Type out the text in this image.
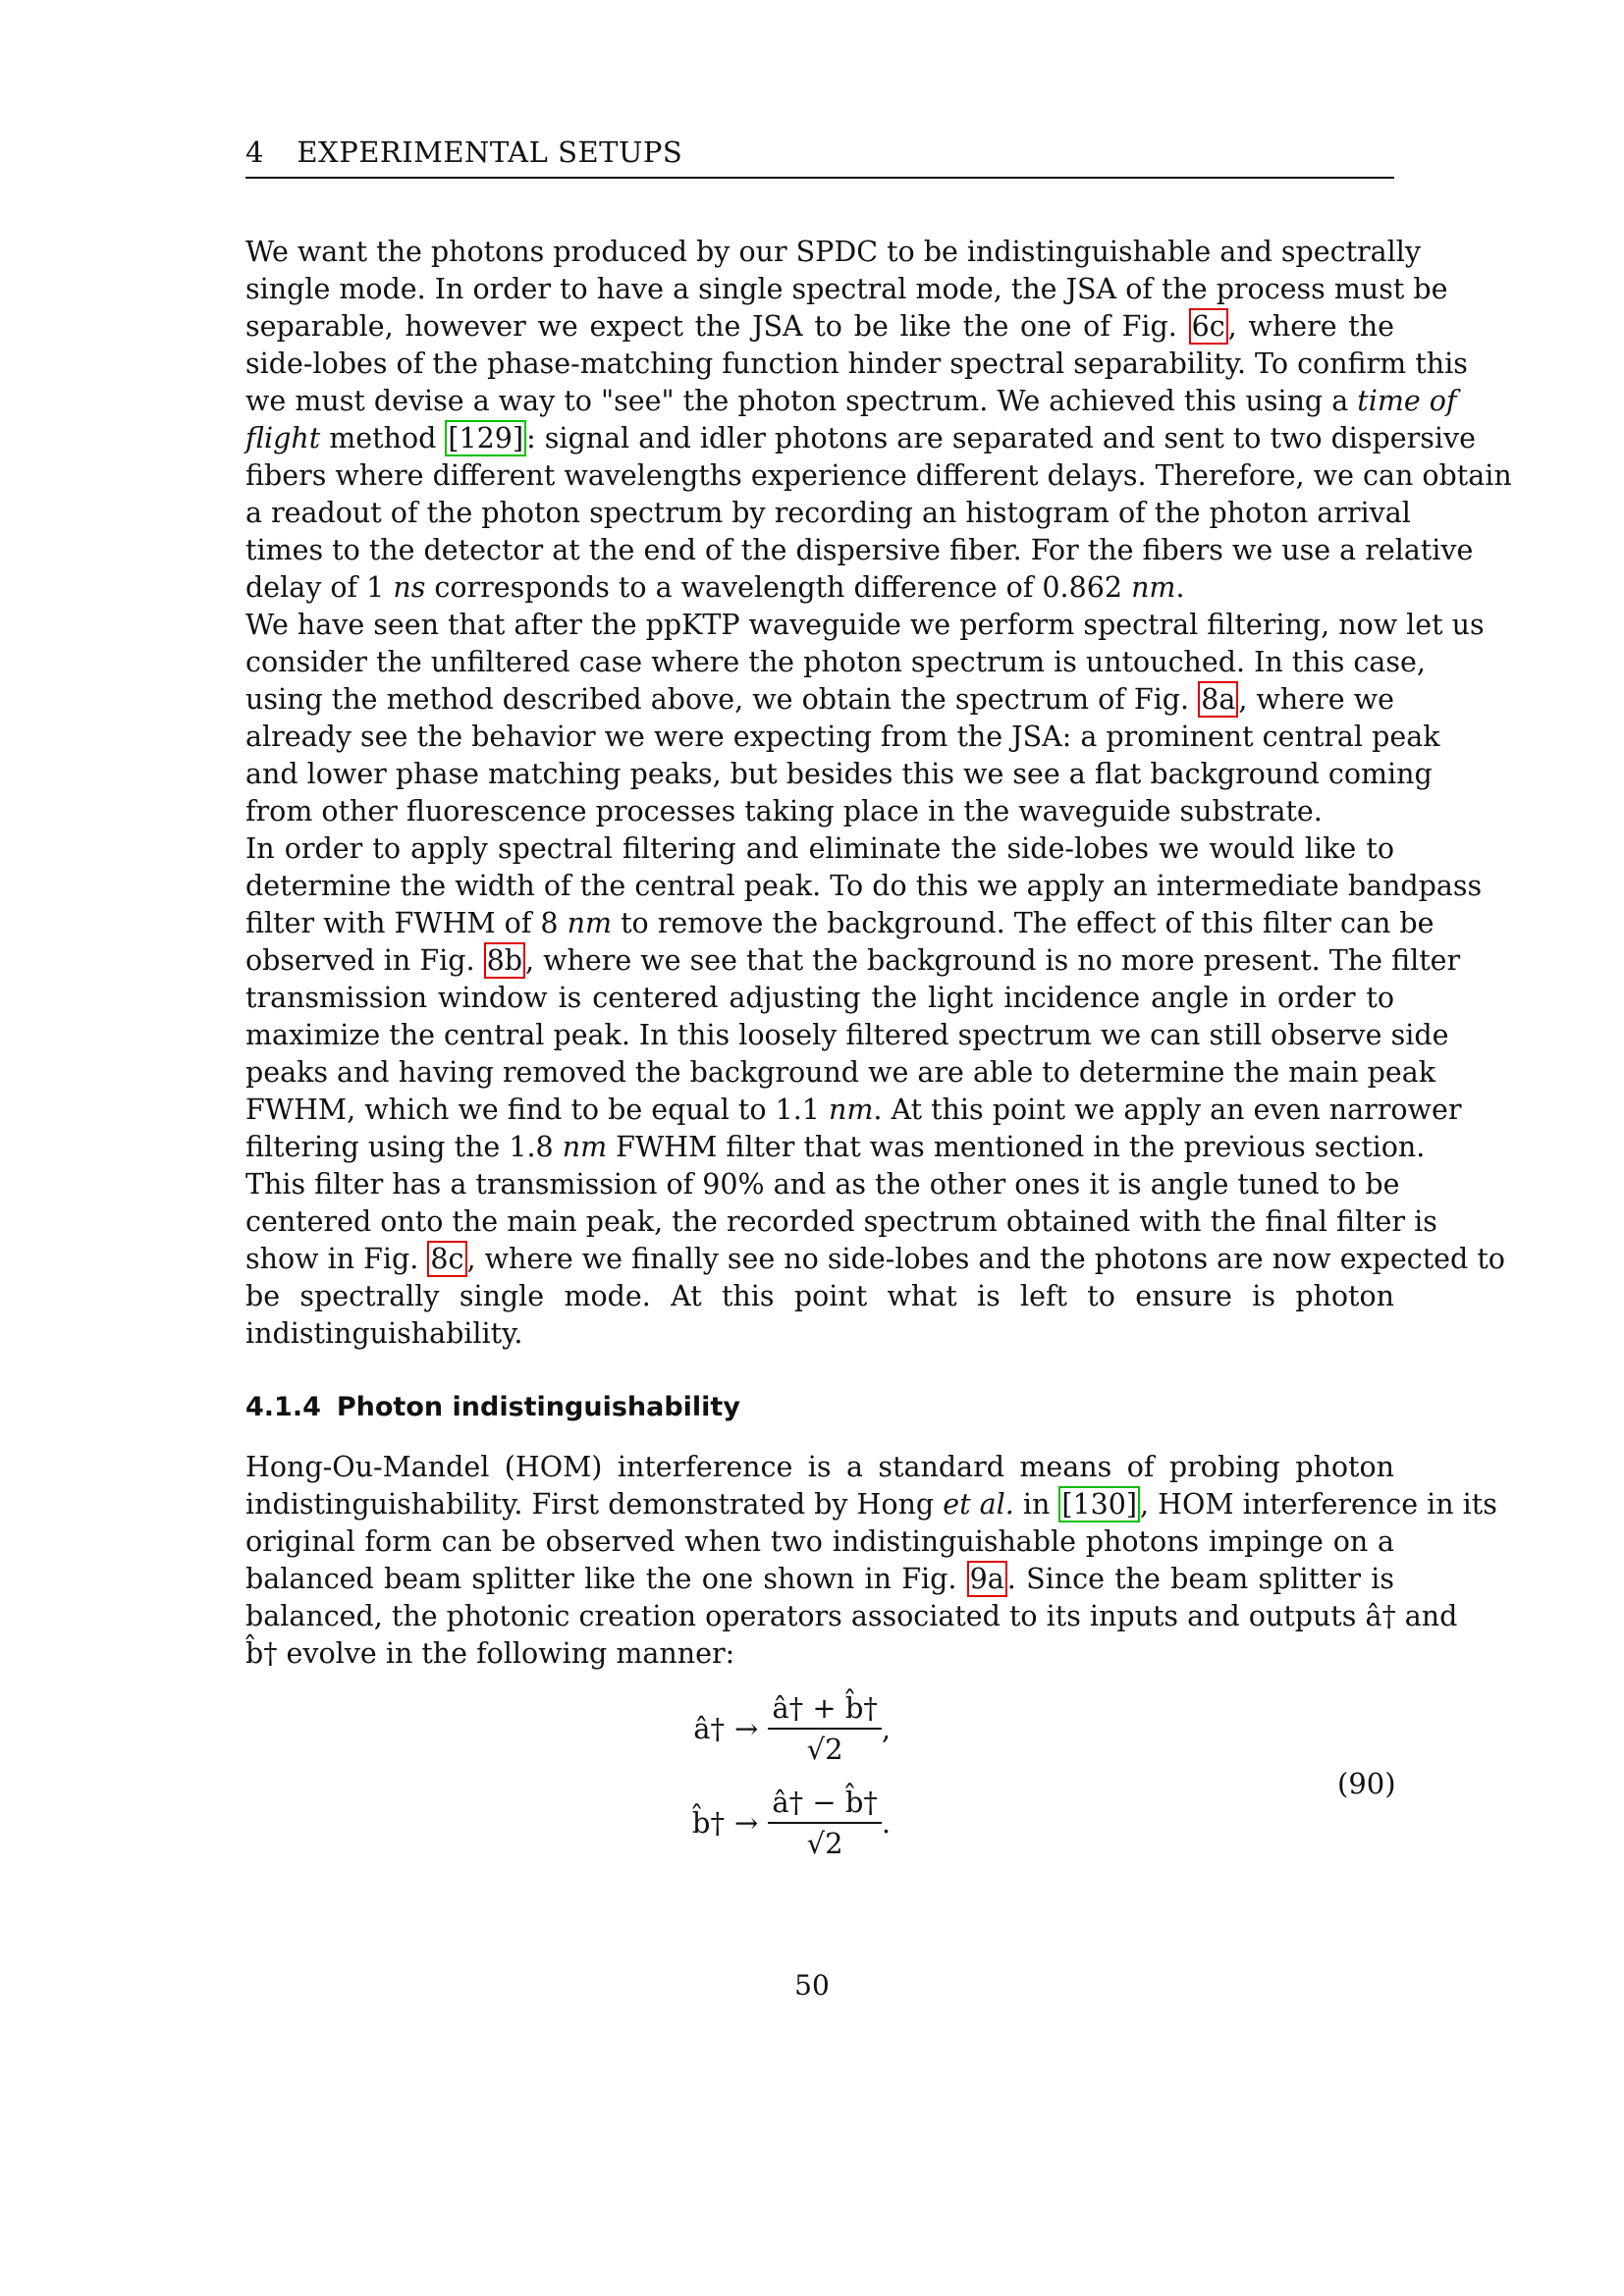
4 EXPERIMENTAL SETUPS
We want the photons produced by our SPDC to be indistinguishable and spectrally
single mode. In order to have a single spectral mode, the JSA of the process must be
separable, however we expect the JSA to be like the one of Fig. 6c , where the
side-lobes of the phase-matching function hinder spectral separability. To confirm this
we must devise a way to "see" the photon spectrum. We achieved this using a time of
flight method [129] : signal and idler photons are separated and sent to two dispersive
fibers where different wavelengths experience different delays. Therefore, we can obtain
a readout of the photon spectrum by recording an histogram of the photon arrival
times to the detector at the end of the dispersive fiber. For the fibers we use a relative
delay of 1 ns corresponds to a wavelength difference of 0.862 nm.
We have seen that after the ppKTP waveguide we perform spectral filtering, now let us
consider the unfiltered case where the photon spectrum is untouched. In this case,
using the method described above, we obtain the spectrum of Fig. 8a , where we
already see the behavior we were expecting from the JSA: a prominent central peak
and lower phase matching peaks, but besides this we see a flat background coming
from other fluorescence processes taking place in the waveguide substrate.
In order to apply spectral filtering and eliminate the side-lobes we would like to
determine the width of the central peak. To do this we apply an intermediate bandpass
filter with FWHM of 8 nm to remove the background. The effect of this filter can be
observed in Fig. 8b , where we see that the background is no more present. The filter
transmission window is centered adjusting the light incidence angle in order to
maximize the central peak. In this loosely filtered spectrum we can still observe side
peaks and having removed the background we are able to determine the main peak
FWHM, which we find to be equal to 1.1 nm. At this point we apply an even narrower
filtering using the 1.8 nm FWHM filter that was mentioned in the previous section.
This filter has a transmission of 90% and as the other ones it is angle tuned to be
centered onto the main peak, the recorded spectrum obtained with the final filter is
show in Fig. 8c , where we finally see no side-lobes and the photons are now expected to
be spectrally single mode. At this point what is left to ensure is photon
indistinguishability.
4.1.4 Photon indistinguishability
Hong-Ou-Mandel (HOM) interference is a standard means of probing photon
indistinguishability. First demonstrated by Hong et al. in [130] , HOM interference in its
original form can be observed when two indistinguishable photons impinge on a
balanced beam splitter like the one shown in Fig. 9a . Since the beam splitter is
balanced, the photonic creation operators associated to its inputs and outputs â† and
b̂† evolve in the following manner:
â† → $\frac{â\dagger + b̂\dagger}{√2}$ ,
b̂† → $\frac{â\dagger - b̂\dagger}{√2}$ .
(90)
50
